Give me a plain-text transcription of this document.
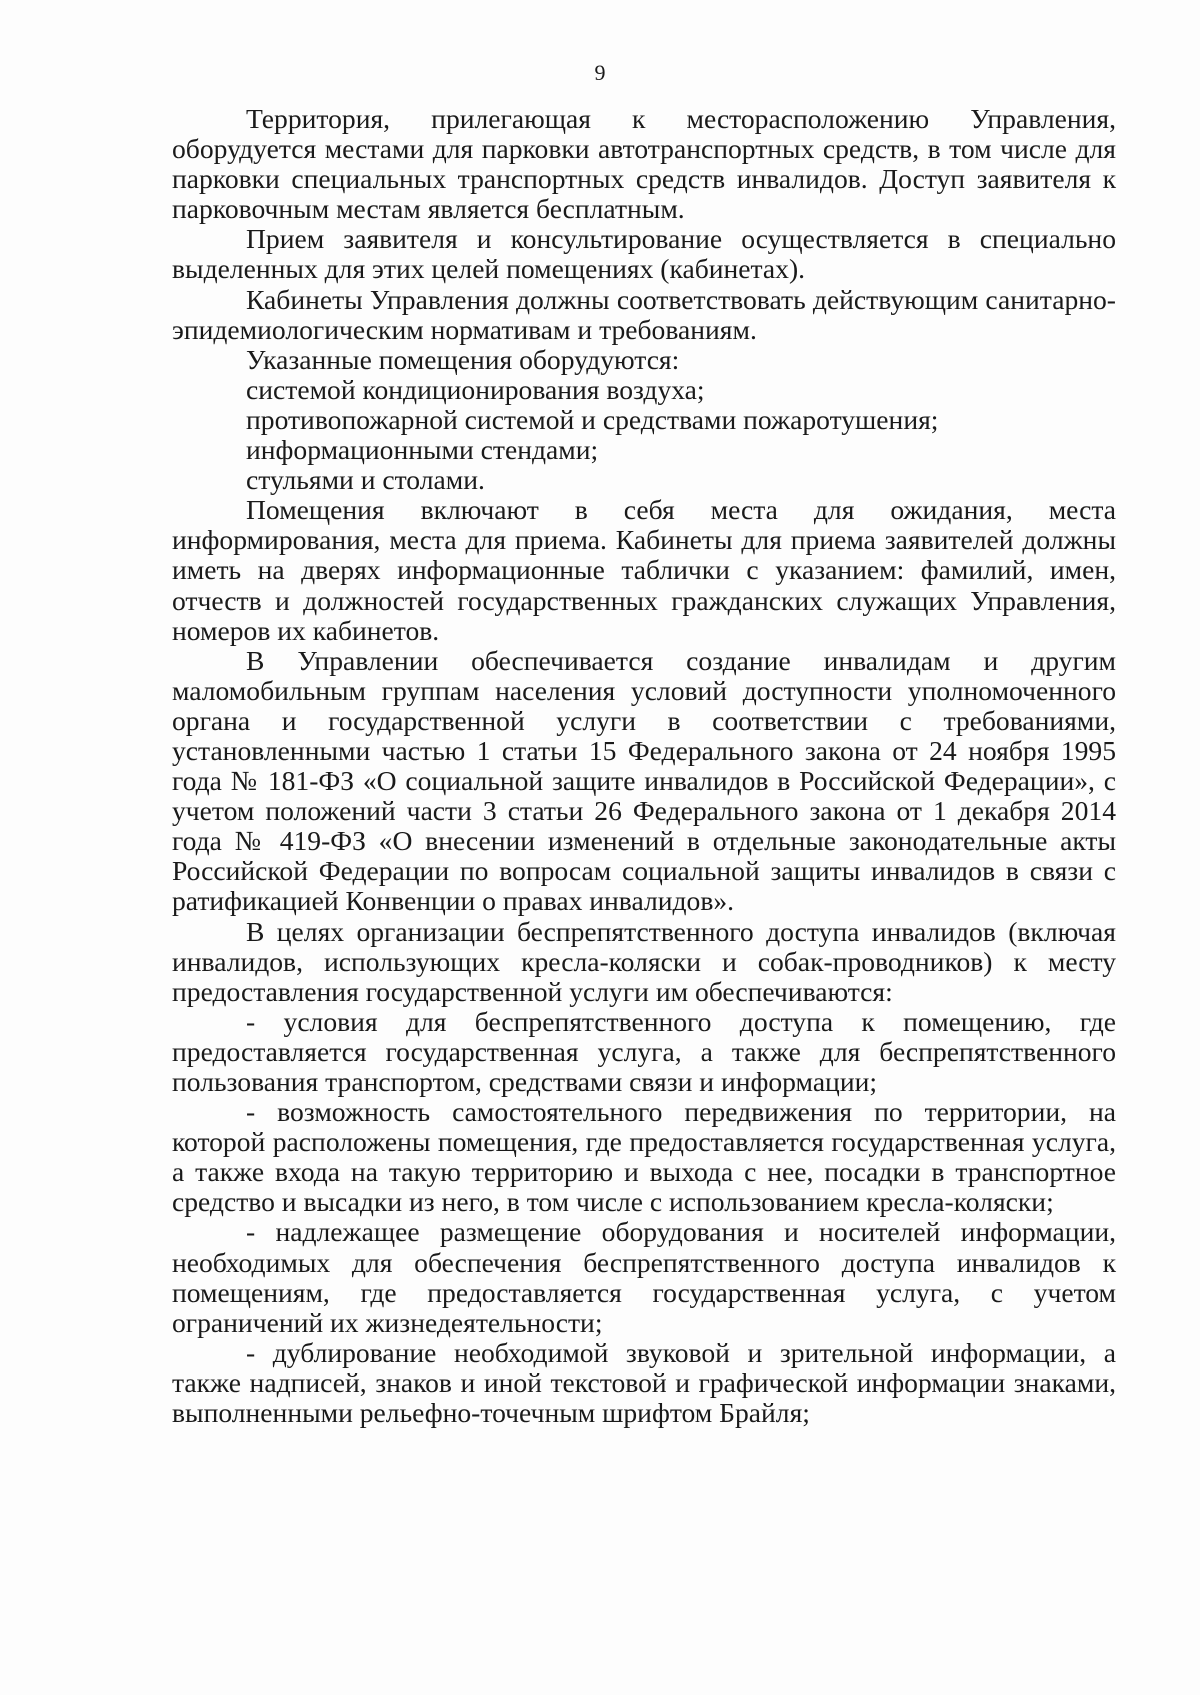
9

Территория, прилегающая к месторасположению Управления, оборудуется местами для парковки автотранспортных средств, в том числе для парковки специальных транспортных средств инвалидов. Доступ заявителя к парковочным местам является бесплатным.

Прием заявителя и консультирование осуществляется в специально выделенных для этих целей помещениях (кабинетах).

Кабинеты Управления должны соответствовать действующим санитарно-эпидемиологическим нормативам и требованиям.

Указанные помещения оборудуются:

системой кондиционирования воздуха;

противопожарной системой и средствами пожаротушения;

информационными стендами;

стульями и столами.

Помещения включают в себя места для ожидания, места информирования, места для приема. Кабинеты для приема заявителей должны иметь на дверях информационные таблички с указанием: фамилий, имен, отчеств и должностей государственных гражданских служащих Управления, номеров их кабинетов.

В Управлении обеспечивается создание инвалидам и другим маломобильным группам населения условий доступности уполномоченного органа и государственной услуги в соответствии с требованиями, установленными частью 1 статьи 15 Федерального закона от 24 ноября 1995 года № 181-ФЗ «О социальной защите инвалидов в Российской Федерации», с учетом положений части 3 статьи 26 Федерального закона от 1 декабря 2014 года № 419-ФЗ «О внесении изменений в отдельные законодательные акты Российской Федерации по вопросам социальной защиты инвалидов в связи с ратификацией Конвенции о правах инвалидов».

В целях организации беспрепятственного доступа инвалидов (включая инвалидов, использующих кресла-коляски и собак-проводников) к месту предоставления государственной услуги им обеспечиваются:

- условия для беспрепятственного доступа к помещению, где предоставляется государственная услуга, а также для беспрепятственного пользования транспортом, средствами связи и информации;

- возможность самостоятельного передвижения по территории, на которой расположены помещения, где предоставляется государственная услуга, а также входа на такую территорию и выхода с нее, посадки в транспортное средство и высадки из него, в том числе с использованием кресла-коляски;

- надлежащее размещение оборудования и носителей информации, необходимых для обеспечения беспрепятственного доступа инвалидов к помещениям, где предоставляется государственная услуга, с учетом ограничений их жизнедеятельности;

- дублирование необходимой звуковой и зрительной информации, а также надписей, знаков и иной текстовой и графической информации знаками, выполненными рельефно-точечным шрифтом Брайля;
